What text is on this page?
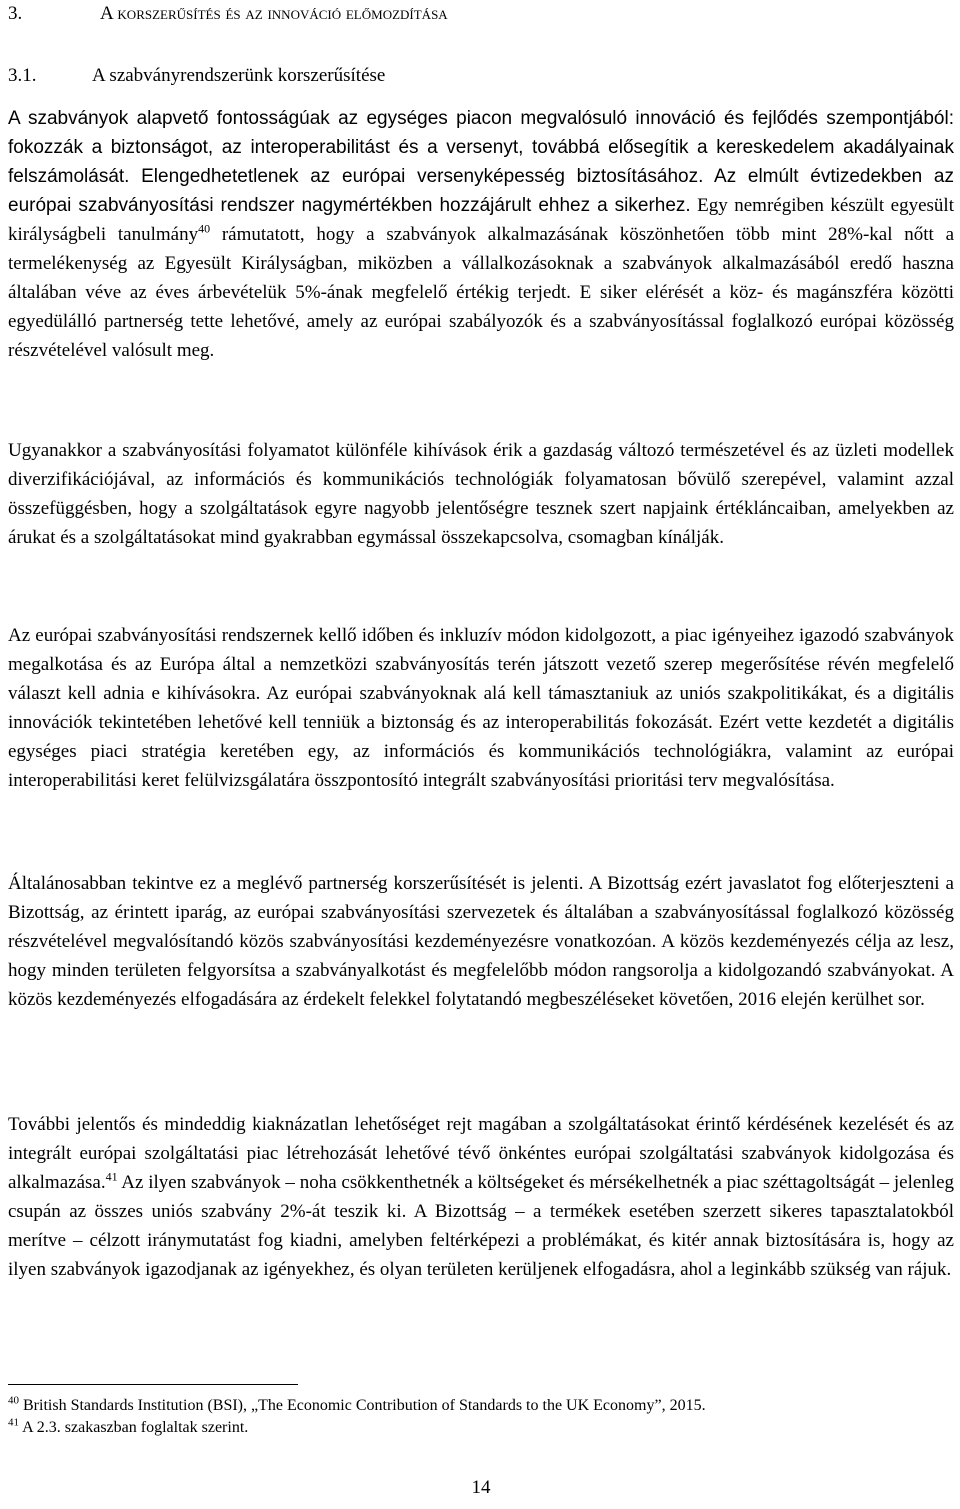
3.	A korszerűsítés és az innováció előmozdítása
3.1.	A szabványrendszerünk korszerűsítése

A szabványok alapvető fontosságúak az egységes piacon megvalósuló innováció és fejlődés szempontjából: fokozzák a biztonságot, az interoperabilitást és a versenyt, továbbá elősegítik a kereskedelem akadályainak felszámolását. Elengedhetetlenek az európai versenyképesség biztosításához. Az elmúlt évtizedekben az európai szabványosítási rendszer nagymértékben hozzájárult ehhez a sikerhez. Egy nemrégiben készült egyesült királyságbeli tanulmány$^{40}$ rámutatott, hogy a szabványok alkalmazásának köszönhetően több mint 28%-kal nőtt a termelékenység az Egyesült Királyságban, miközben a vállalkozásoknak a szabványok alkalmazásából eredő haszna általában véve az éves árbevételük 5%-ának megfelelő értékig terjedt. E siker elérését a köz- és magánszféra közötti egyedülálló partnerség tette lehetővé, amely az európai szabályozók és a szabványosítással foglalkozó európai közösség részvételével valósult meg.

Ugyanakkor a szabványosítási folyamatot különféle kihívások érik a gazdaság változó természetével és az üzleti modellek diverzifikációjával, az információs és kommunikációs technológiák folyamatosan bővülő szerepével, valamint azzal összefüggésben, hogy a szolgáltatások egyre nagyobb jelentőségre tesznek szert napjaink értékláncaiban, amelyekben az árukat és a szolgáltatásokat mind gyakrabban egymással összekapcsolva, csomagban kínálják.

Az európai szabványosítási rendszernek kellő időben és inkluzív módon kidolgozott, a piac igényeihez igazodó szabványok megalkotása és az Európa által a nemzetközi szabványosítás terén játszott vezető szerep megerősítése révén megfelelő választ kell adnia e kihívásokra. Az európai szabványoknak alá kell támasztaniuk az uniós szakpolitikákat, és a digitális innovációk tekintetében lehetővé kell tenniük a biztonság és az interoperabilitás fokozását. Ezért vette kezdetét a digitális egységes piaci stratégia keretében egy, az információs és kommunikációs technológiákra, valamint az európai interoperabilitási keret felülvizsgálatára összpontosító integrált szabványosítási prioritási terv megvalósítása.

Általánosabban tekintve ez a meglévő partnerség korszerűsítését is jelenti. A Bizottság ezért javaslatot fog előterjeszteni a Bizottság, az érintett iparág, az európai szabványosítási szervezetek és általában a szabványosítással foglalkozó közösség részvételével megvalósítandó közös szabványosítási kezdeményezésre vonatkozóan. A közös kezdeményezés célja az lesz, hogy minden területen felgyorsítsa a szabványalkotást és megfelelőbb módon rangsorolja a kidolgozandó szabványokat. A közös kezdeményezés elfogadására az érdekelt felekkel folytatandó megbeszéléseket követően, 2016 elején kerülhet sor.

További jelentős és mindeddig kiaknázatlan lehetőséget rejt magában a szolgáltatásokat érintő kérdésének kezelését és az integrált európai szolgáltatási piac létrehozását lehetővé tévő önkéntes európai szolgáltatási szabványok kidolgozása és alkalmazása.$^{41}$ Az ilyen szabványok – noha csökkenthetnék a költségeket és mérsékelhetnék a piac széttagoltságát – jelenleg csupán az összes uniós szabvány 2%-át teszik ki. A Bizottság – a termékek esetében szerzett sikeres tapasztalatokból merítve – célzott iránymutatást fog kiadni, amelyben feltérképezi a problémákat, és kitér annak biztosítására is, hogy az ilyen szabványok igazodjanak az igényekhez, és olyan területen kerüljenek elfogadásra, ahol a leginkább szükség van rájuk.

$^{40}$ British Standards Institution (BSI), „The Economic Contribution of Standards to the UK Economy”, 2015.
$^{41}$ A 2.3. szakaszban foglaltak szerint.
14
